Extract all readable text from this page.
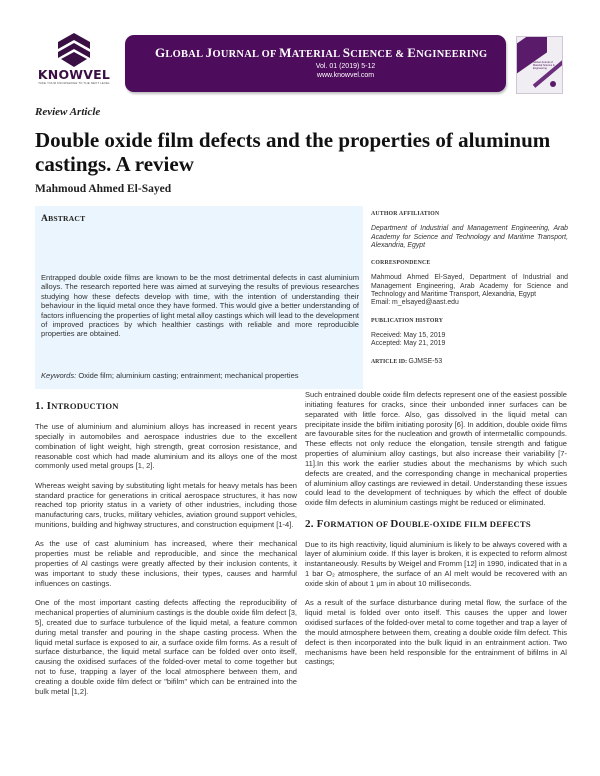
KNOWVEL
TAKE YOUR KNOWLEDGE TO THE NEXT LEVEL
GLOBAL JOURNAL OF MATERIAL SCIENCE & ENGINEERING
Vol. 01 (2019) 5-12
www.knowvel.com
Global Journal of Material Science & Engineering
Review Article
Double oxide film defects and the properties of aluminum castings. A review
Mahmoud Ahmed El-Sayed
ABSTRACT
Entrapped double oxide films are known to be the most detrimental defects in cast aluminium alloys. The research reported here was aimed at surveying the results of previous researches studying how these defects develop with time, with the intention of understanding their behaviour in the liquid metal once they have formed. This would give a better understanding of factors influencing the properties of light metal alloy castings which will lead to the development of improved practices by which healthier castings with reliable and more reproducible properties are obtained.
Keywords: Oxide film; aluminium casting; entrainment; mechanical properties
AUTHOR AFFILIATION
Department of Industrial and Management Engineering, Arab Academy for Science and Technology and Maritime Transport, Alexandria, Egypt
CORRESPONDENCE
Mahmoud Ahmed El-Sayed, Department of Industrial and Management Engineering, Arab Academy for Science and Technology and Maritime Transport, Alexandria, Egypt
Email: m_elsayed@aast.edu
PUBLICATION HISTORY
Received: May 15, 2019
Accepted: May 21, 2019
ARTICLE ID: GJMSE-53
1. INTRODUCTION

The use of aluminium and aluminium alloys has increased in recent years specially in automobiles and aerospace industries due to the excellent combination of light weight, high strength, great corrosion resistance, and reasonable cost which had made aluminium and its alloys one of the most commonly used metal groups [1, 2].

Whereas weight saving by substituting light metals for heavy metals has been standard practice for generations in critical aerospace structures, it has now reached top priority status in a variety of other industries, including those manufacturing cars, trucks, military vehicles, aviation ground support vehicles, munitions, building and highway structures, and construction equipment [1-4].

As the use of cast aluminium has increased, where their mechanical properties must be reliable and reproducible, and since the mechanical properties of Al castings were greatly affected by their inclusion contents, it was important to study these inclusions, their types, causes and harmful influences on castings.

One of the most important casting defects affecting the reproducibility of mechanical properties of aluminium castings is the double oxide film defect [3, 5], created due to surface turbulence of the liquid metal, a feature common during metal transfer and pouring in the shape casting process. When the liquid metal surface is exposed to air, a surface oxide film forms. As a result of surface disturbance, the liquid metal surface can be folded over onto itself, causing the oxidised surfaces of the folded-over metal to come together but not to fuse, trapping a layer of the local atmosphere between them, and creating a double oxide film defect or "bifilm" which can be entrained into the bulk metal [1,2].

Such entrained double oxide film defects represent one of the easiest possible initiating features for cracks, since their unbonded inner surfaces can be separated with little force. Also, gas dissolved in the liquid metal can precipitate inside the bifilm initiating porosity [6]. In addition, double oxide films are favourable sites for the nucleation and growth of intermetallic compounds. These effects not only reduce the elongation, tensile strength and fatigue properties of aluminium alloy castings, but also increase their variability [7-11].In this work the earlier studies about the mechanisms by which such defects are created, and the corresponding change in mechanical properties of aluminium alloy castings are reviewed in detail. Understanding these issues could lead to the development of techniques by which the effect of double oxide film defects in aluminium castings might be reduced or eliminated.

2. FORMATION OF DOUBLE-OXIDE FILM DEFECTS

Due to its high reactivity, liquid aluminium is likely to be always covered with a layer of aluminium oxide. If this layer is broken, it is expected to reform almost instantaneously. Results by Weigel and Fromm [12] in 1990, indicated that in a 1 bar O₂ atmosphere, the surface of an Al melt would be recovered with an oxide skin of about 1 µm in about 10 milliseconds.

As a result of the surface disturbance during metal flow, the surface of the liquid metal is folded over onto itself. This causes the upper and lower oxidised surfaces of the folded-over metal to come together and trap a layer of the mould atmosphere between them, creating a double oxide film defect. This defect is then incorporated into the bulk liquid in an entrainment action. Two mechanisms have been held responsible for the entrainment of bifilms in Al castings;
